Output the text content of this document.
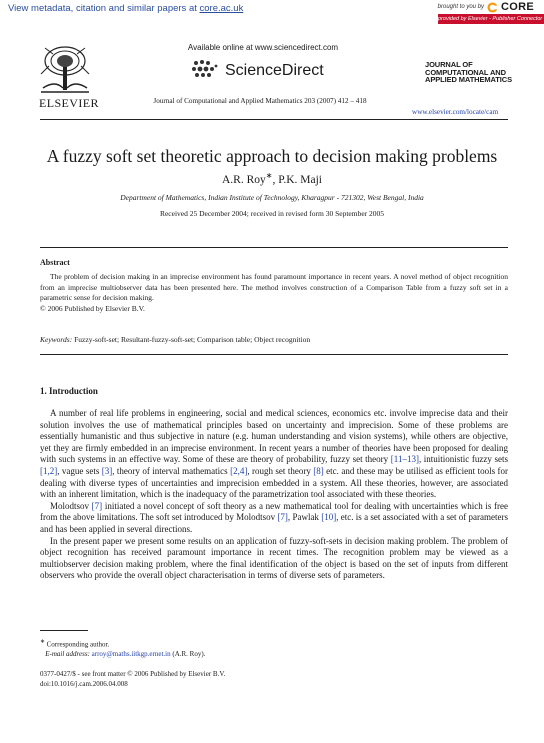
View metadata, citation and similar papers at core.ac.uk	brought to you by CORE
provided by Elsevier - Publisher Connector
ELSEVIER
Available online at www.sciencedirect.com
ScienceDirect
Journal of Computational and Applied Mathematics 203 (2007) 412 – 418
JOURNAL OF
COMPUTATIONAL AND
APPLIED MATHEMATICS
www.elsevier.com/locate/cam
A fuzzy soft set theoretic approach to decision making problems
A.R. Roy∗, P.K. Maji
Department of Mathematics, Indian Institute of Technology, Kharagpur - 721302, West Bengal, India
Received 25 December 2004; received in revised form 30 September 2005
Abstract
The problem of decision making in an imprecise environment has found paramount importance in recent years. A novel method of object recognition from an imprecise multiobserver data has been presented here. The method involves construction of a Comparison Table from a fuzzy soft set in a parametric sense for decision making.
© 2006 Published by Elsevier B.V.
Keywords: Fuzzy-soft-set; Resultant-fuzzy-soft-set; Comparison table; Object recognition
1. Introduction

A number of real life problems in engineering, social and medical sciences, economics etc. involve imprecise data and their solution involves the use of mathematical principles based on uncertainty and imprecision. Some of these problems are essentially humanistic and thus subjective in nature (e.g. human understanding and vision systems), while others are objective, yet they are firmly embedded in an imprecise environment. In recent years a number of theories have been proposed for dealing with such systems in an effective way. Some of these are theory of probability, fuzzy set theory [11–13], intuitionistic fuzzy sets [1,2], vague sets [3], theory of interval mathematics [2,4], rough set theory [8] etc. and these may be utilised as efficient tools for dealing with diverse types of uncertainties and imprecision embedded in a system. All these theories, however, are associated with an inherent limitation, which is the inadequacy of the parametrization tool associated with these theories.

Molodtsov [7] initiated a novel concept of soft theory as a new mathematical tool for dealing with uncertainties which is free from the above limitations. The soft set introduced by Molodtsov [7], Pawlak [10], etc. is a set associated with a set of parameters and has been applied in several directions.

In the present paper we present some results on an application of fuzzy-soft-sets in decision making problem. The problem of object recognition has received paramount importance in recent times. The recognition problem may be viewed as a multiobserver decision making problem, where the final identification of the object is based on the set of inputs from different observers who provide the overall object characterisation in terms of diverse sets of parameters.

∗ Corresponding author.
E-mail address: arroy@maths.iitkgp.ernet.in (A.R. Roy).
0377-0427/$ - see front matter © 2006 Published by Elsevier B.V.
doi:10.1016/j.cam.2006.04.008
